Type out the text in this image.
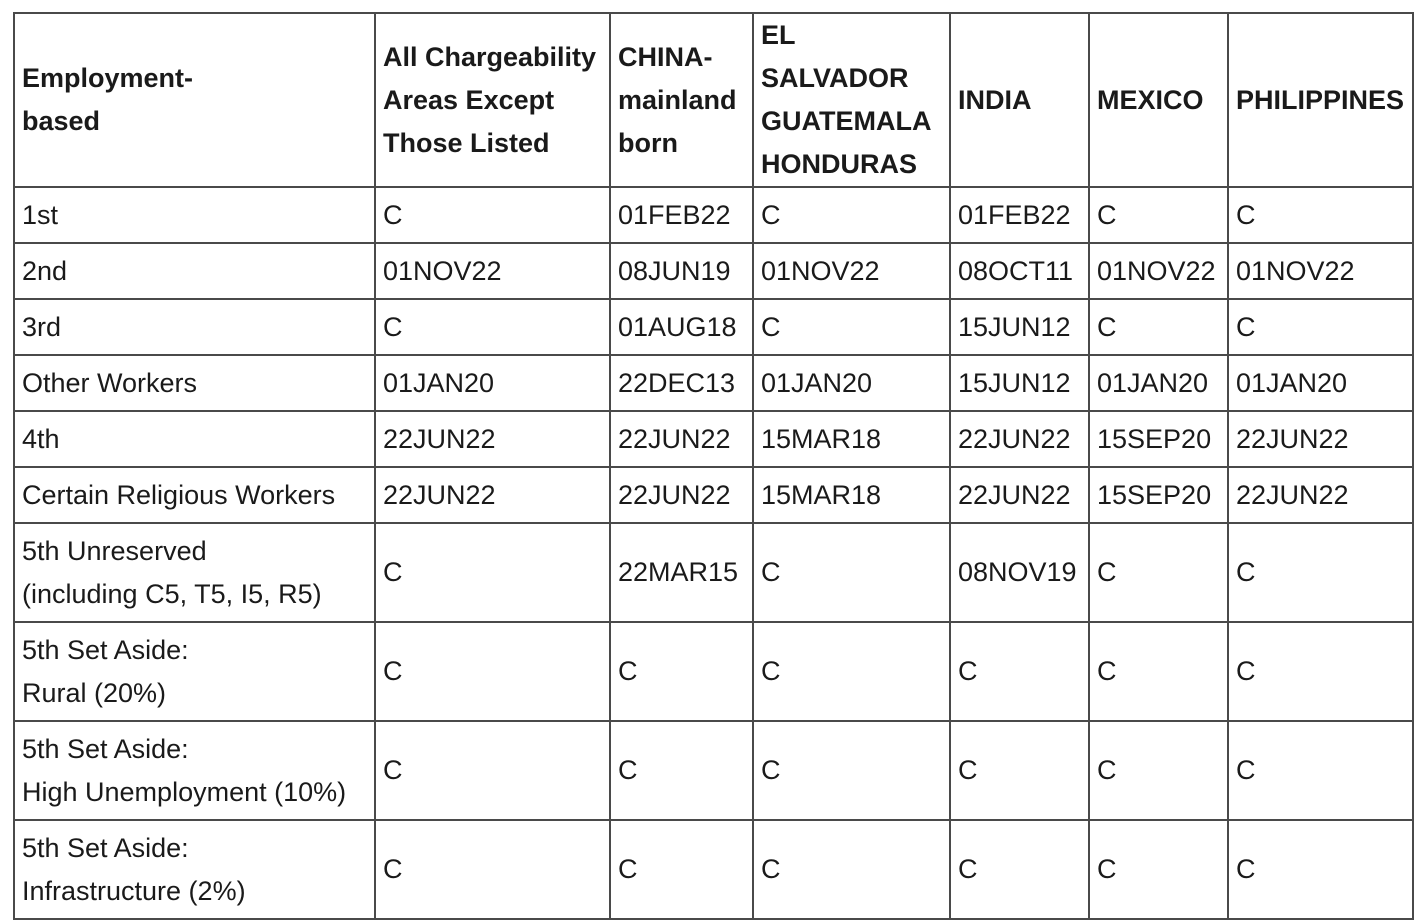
Employment-
based	All Chargeability
Areas Except
Those Listed	CHINA-
mainland
born	EL SALVADOR
GUATEMALA
HONDURAS	INDIA	MEXICO	PHILIPPINES

1st	C	01FEB22	C	01FEB22	C	C

2nd	01NOV22	08JUN19	01NOV22	08OCT11	01NOV22	01NOV22

3rd	C	01AUG18	C	15JUN12	C	C

Other Workers	01JAN20	22DEC13	01JAN20	15JUN12	01JAN20	01JAN20

4th	22JUN22	22JUN22	15MAR18	22JUN22	15SEP20	22JUN22

Certain Religious Workers	22JUN22	22JUN22	15MAR18	22JUN22	15SEP20	22JUN22

5th Unreserved
(including C5, T5, I5, R5)	C	22MAR15	C	08NOV19	C	C

5th Set Aside:
Rural (20%)	C	C	C	C	C	C

5th Set Aside:
High Unemployment (10%)	C	C	C	C	C	C

5th Set Aside:
Infrastructure (2%)	C	C	C	C	C	C
